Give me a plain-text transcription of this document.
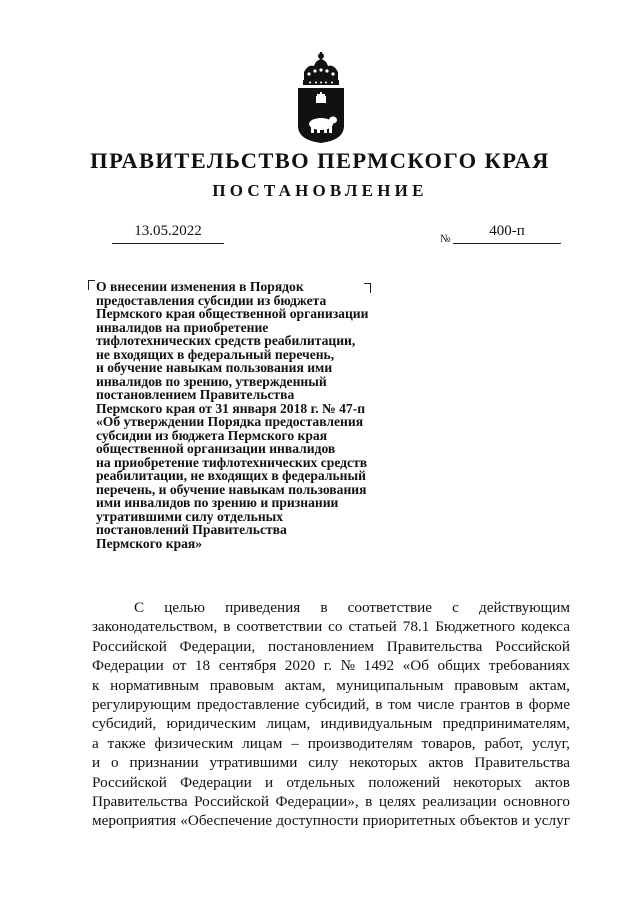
ПРАВИТЕЛЬСТВО ПЕРМСКОГО КРАЯ
ПОСТАНОВЛЕНИЕ
13.05.2022	№	400-п
О внесении изменения в Порядок
предоставления субсидии из бюджета
Пермского края общественной организации
инвалидов на приобретение
тифлотехнических средств реабилитации,
не входящих в федеральный перечень,
и обучение навыкам пользования ими
инвалидов по зрению, утвержденный
постановлением Правительства
Пермского края от 31 января 2018 г. № 47-п
«Об утверждении Порядка предоставления
субсидии из бюджета Пермского края
общественной организации инвалидов
на приобретение тифлотехнических средств
реабилитации, не входящих в федеральный
перечень, и обучение навыкам пользования
ими инвалидов по зрению и признании
утратившими силу отдельных
постановлений Правительства
Пермского края»
С целью приведения в соответствие с действующим
законодательством, в соответствии со статьей 78.1 Бюджетного кодекса
Российской Федерации, постановлением Правительства Российской
Федерации от 18 сентября 2020 г. № 1492 «Об общих требованиях
к нормативным правовым актам, муниципальным правовым актам,
регулирующим предоставление субсидий, в том числе грантов в форме
субсидий, юридическим лицам, индивидуальным предпринимателям,
а также физическим лицам – производителям товаров, работ, услуг,
и о признании утратившими силу некоторых актов Правительства
Российской Федерации и отдельных положений некоторых актов
Правительства Российской Федерации», в целях реализации основного
мероприятия «Обеспечение доступности приоритетных объектов и услуг
